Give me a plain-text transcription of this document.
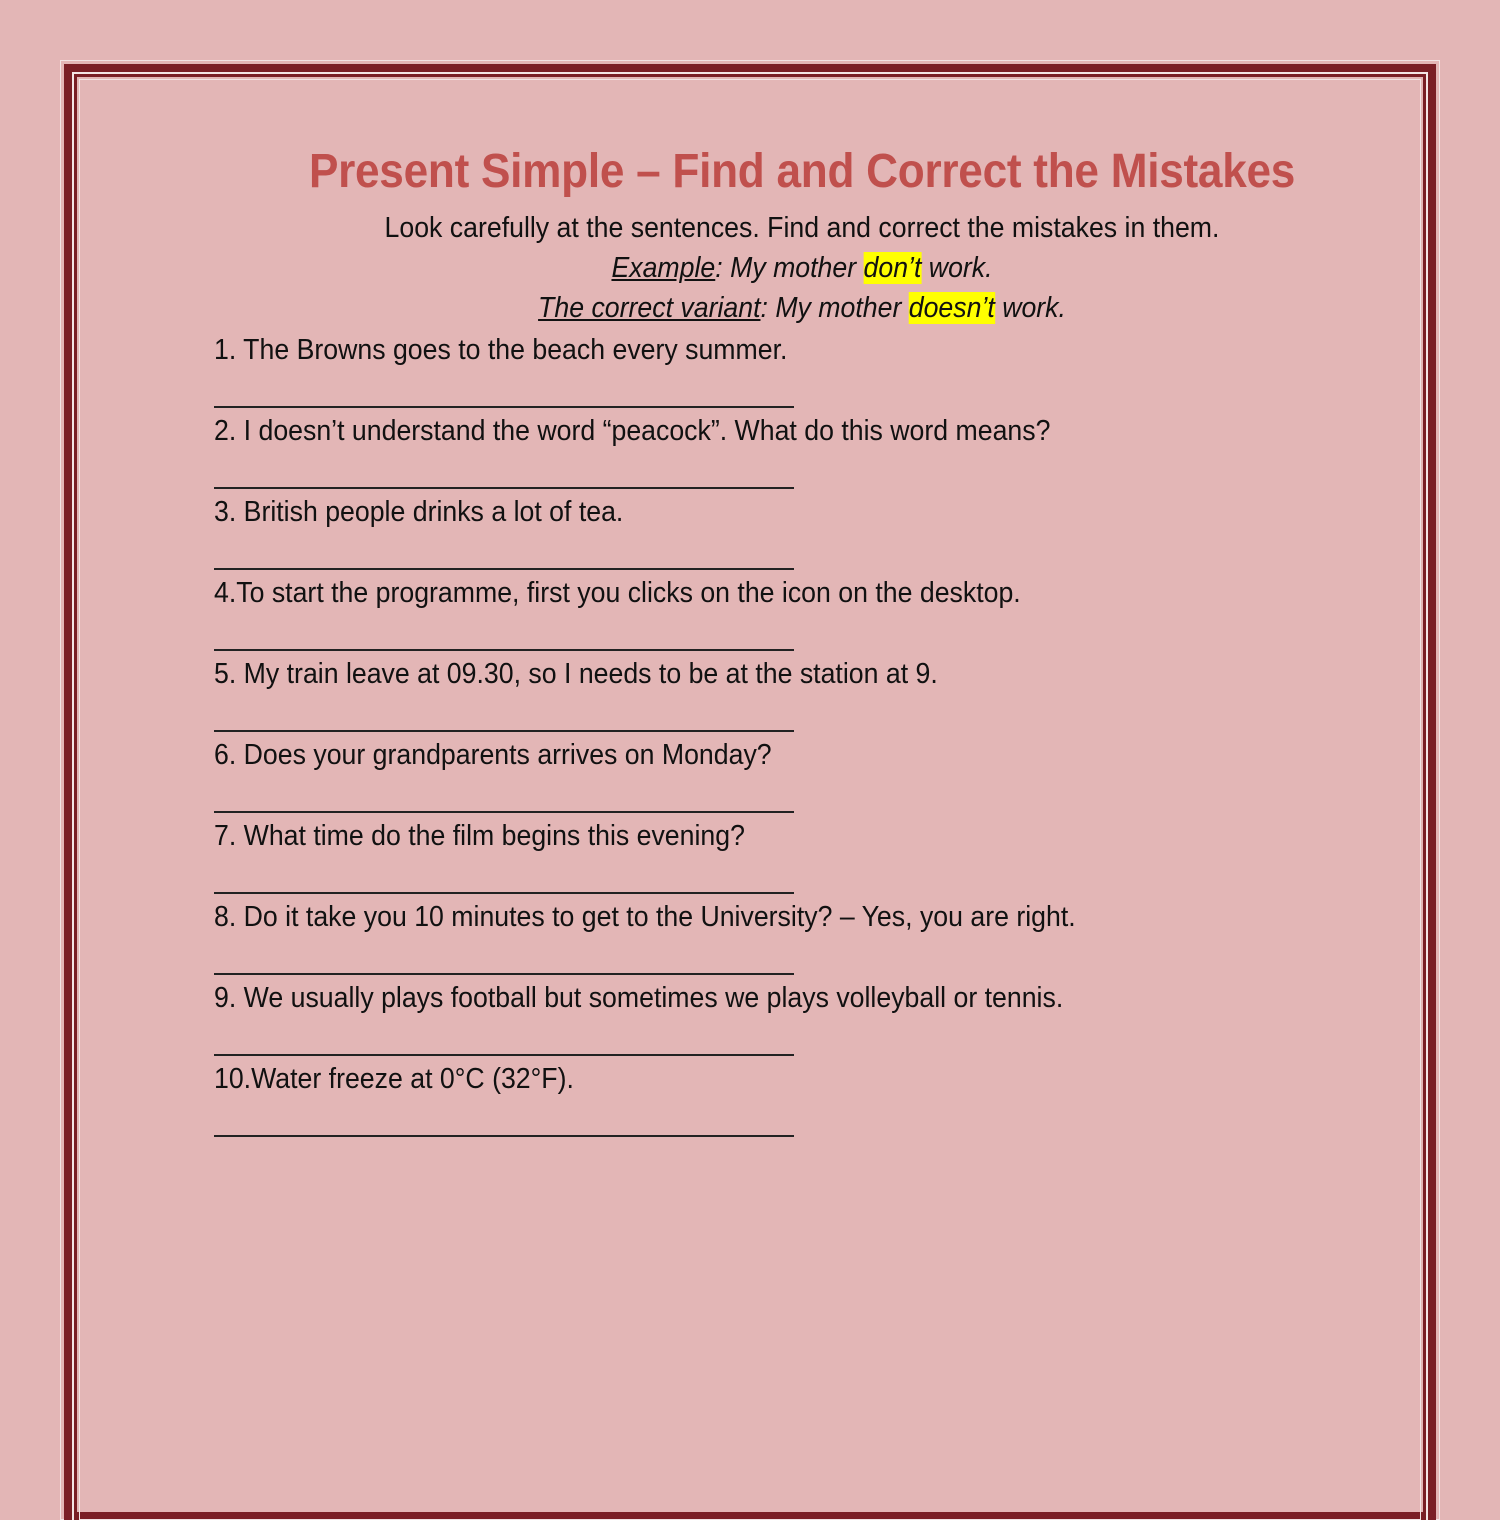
Present Simple – Find and Correct the Mistakes
Look carefully at the sentences. Find and correct the mistakes in them.
Example: My mother don’t work.
The correct variant: My mother doesn’t work.
1. The Browns goes to the beach every summer.
2. I doesn’t understand the word “peacock”. What do this word means?
3. British people drinks a lot of tea.
4.To start the programme, first you clicks on the icon on the desktop.
5. My train leave at 09.30, so I needs to be at the station at 9.
6. Does your grandparents arrives on Monday?
7. What time do the film begins this evening?
8. Do it take you 10 minutes to get to the University? – Yes, you are right.
9. We usually plays football but sometimes we plays volleyball or tennis.
10.Water freeze at 0°C (32°F).
